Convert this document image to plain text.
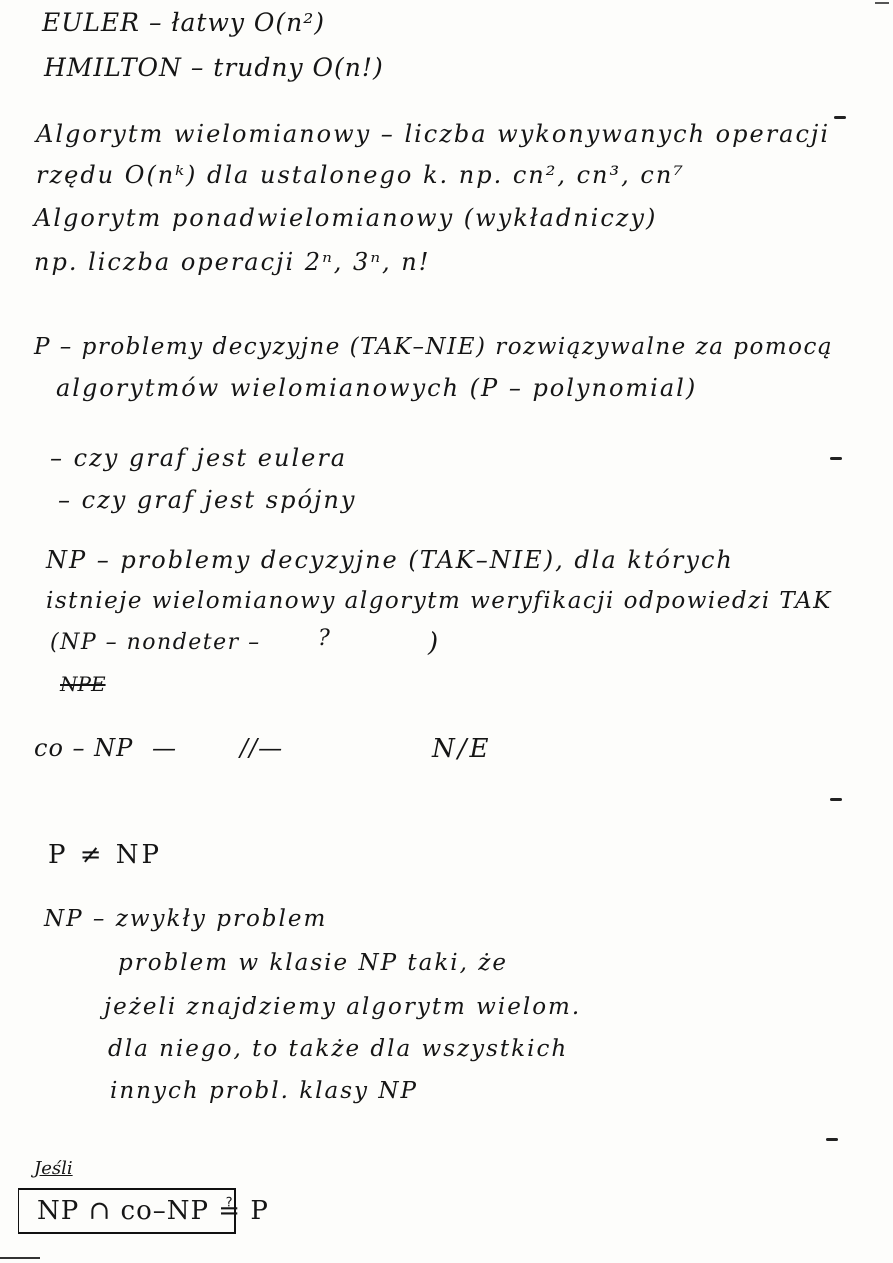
EULER – łatwy O(n²)
HMILTON – trudny O(n!)
Algorytm wielomianowy – liczba wykonywanych operacji
rzędu O(nᵏ) dla ustalonego k. np. cn², cn³, cn⁷
Algorytm ponadwielomianowy (wykładniczy)
np. liczba operacji 2ⁿ, 3ⁿ, n!
P – problemy decyzyjne (TAK–NIE) rozwiązywalne za pomocą
algorytmów wielomianowych (P – polynomial)
– czy graf jest eulera
– czy graf jest spójny
NP – problemy decyzyjne (TAK–NIE), dla których
istnieje wielomianowy algorytm weryfikacji odpowiedzi TAK
(NP – nondeter –	?	)
NPE
co – NP —	//—	N/E
P ≠ NP
NP – zwykły problem
problem w klasie NP taki, że
jeżeli znajdziemy algorytm wielom.
dla niego, to także dla wszystkich
innych probl. klasy NP
Jeśli
NP ∩ co–NP ≟ P
